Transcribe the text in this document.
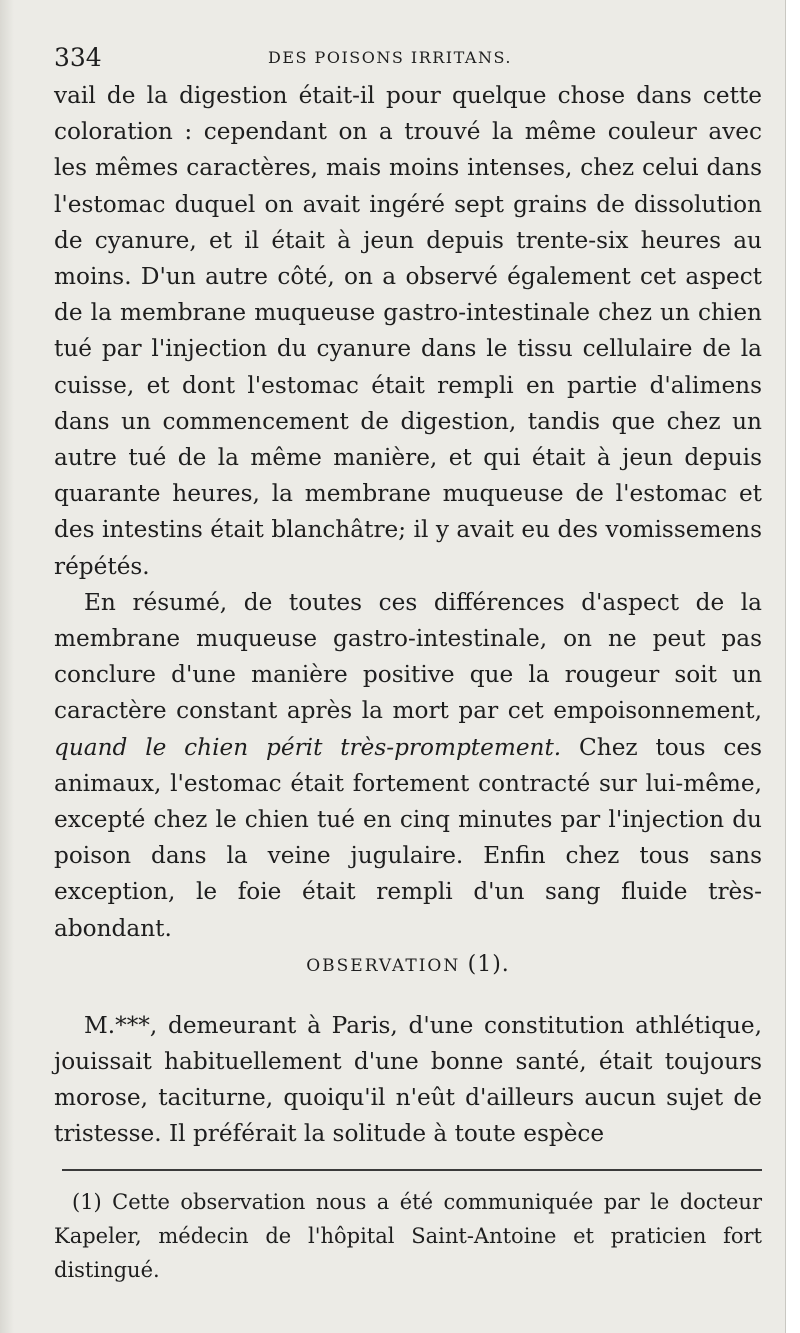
334	DES POISONS IRRITANS.

vail de la digestion était-il pour quelque chose dans cette coloration : cependant on a trouvé la même couleur avec les mêmes caractères, mais moins intenses, chez celui dans l'estomac duquel on avait ingéré sept grains de dissolution de cyanure, et il était à jeun depuis trente-six heures au moins. D'un autre côté, on a observé également cet aspect de la membrane muqueuse gastro-intestinale chez un chien tué par l'injection du cyanure dans le tissu cellulaire de la cuisse, et dont l'estomac était rempli en partie d'alimens dans un commencement de digestion, tandis que chez un autre tué de la même manière, et qui était à jeun depuis quarante heures, la membrane muqueuse de l'estomac et des intestins était blanchâtre; il y avait eu des vomissemens répétés.

En résumé, de toutes ces différences d'aspect de la membrane muqueuse gastro-intestinale, on ne peut pas conclure d'une manière positive que la rougeur soit un caractère constant après la mort par cet empoisonnement, quand le chien périt très-promptement. Chez tous ces animaux, l'estomac était fortement contracté sur lui-même, excepté chez le chien tué en cinq minutes par l'injection du poison dans la veine jugulaire. Enfin chez tous sans exception, le foie était rempli d'un sang fluide très-abondant.

OBSERVATION (1).

M.***, demeurant à Paris, d'une constitution athlétique, jouissait habituellement d'une bonne santé, était toujours morose, taciturne, quoiqu'il n'eût d'ailleurs aucun sujet de tristesse. Il préférait la solitude à toute espèce

(1) Cette observation nous a été communiquée par le docteur Kapeler, médecin de l'hôpital Saint-Antoine et praticien fort distingué.
